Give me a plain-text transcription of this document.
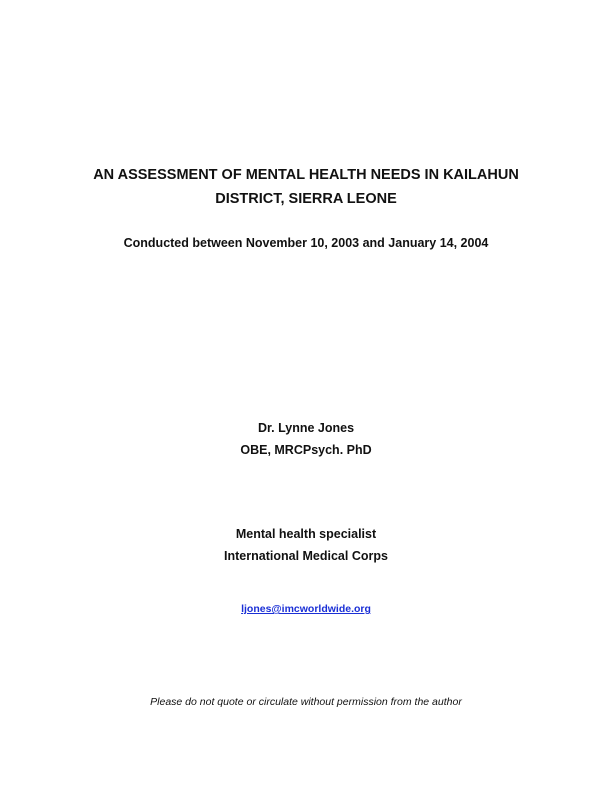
AN ASSESSMENT OF MENTAL HEALTH NEEDS IN KAILAHUN
DISTRICT, SIERRA LEONE
Conducted between November 10, 2003 and January 14, 2004
Dr. Lynne Jones
OBE, MRCPsych. PhD
Mental health specialist
International Medical Corps
ljones@imcworldwide.org
Please do not quote or circulate without permission from the author
